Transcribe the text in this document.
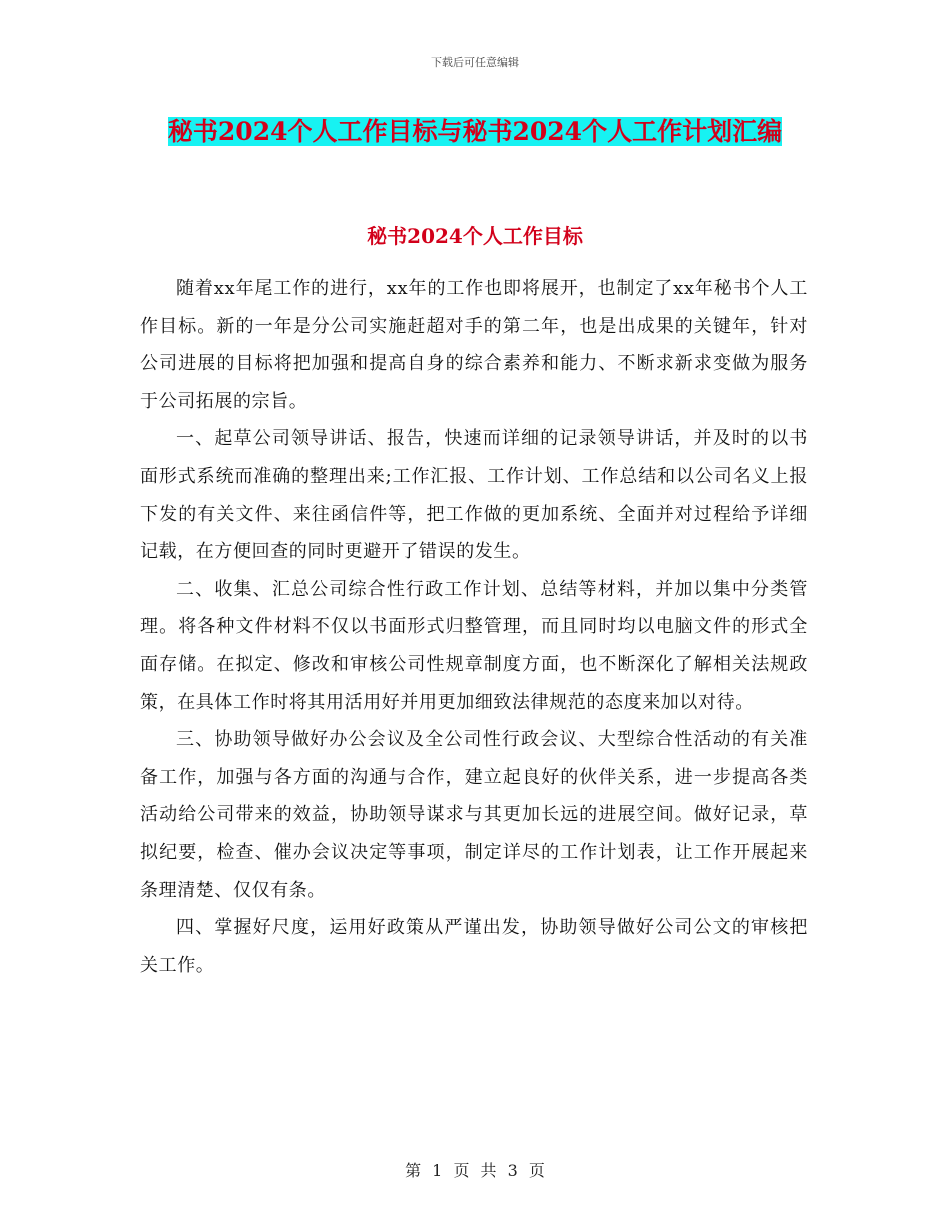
下载后可任意编辑
秘书2024个人工作目标与秘书2024个人工作计划汇编
秘书2024个人工作目标

随着xx年尾工作的进行，xx年的工作也即将展开，也制定了xx年秘书个人工作目标。新的一年是分公司实施赶超对手的第二年，也是出成果的关键年，针对公司进展的目标将把加强和提高自身的综合素养和能力、不断求新求变做为服务于公司拓展的宗旨。

一、起草公司领导讲话、报告，快速而详细的记录领导讲话，并及时的以书面形式系统而准确的整理出来;工作汇报、工作计划、工作总结和以公司名义上报下发的有关文件、来往函信件等，把工作做的更加系统、全面并对过程给予详细记载，在方便回查的同时更避开了错误的发生。

二、收集、汇总公司综合性行政工作计划、总结等材料，并加以集中分类管理。将各种文件材料不仅以书面形式归整管理，而且同时均以电脑文件的形式全面存储。在拟定、修改和审核公司性规章制度方面，也不断深化了解相关法规政策，在具体工作时将其用活用好并用更加细致法律规范的态度来加以对待。

三、协助领导做好办公会议及全公司性行政会议、大型综合性活动的有关准备工作，加强与各方面的沟通与合作，建立起良好的伙伴关系，进一步提高各类活动给公司带来的效益，协助领导谋求与其更加长远的进展空间。做好记录，草拟纪要，检查、催办会议决定等事项，制定详尽的工作计划表，让工作开展起来条理清楚、仅仅有条。

四、掌握好尺度，运用好政策从严谨出发，协助领导做好公司公文的审核把关工作。

第 1 页 共 3 页
